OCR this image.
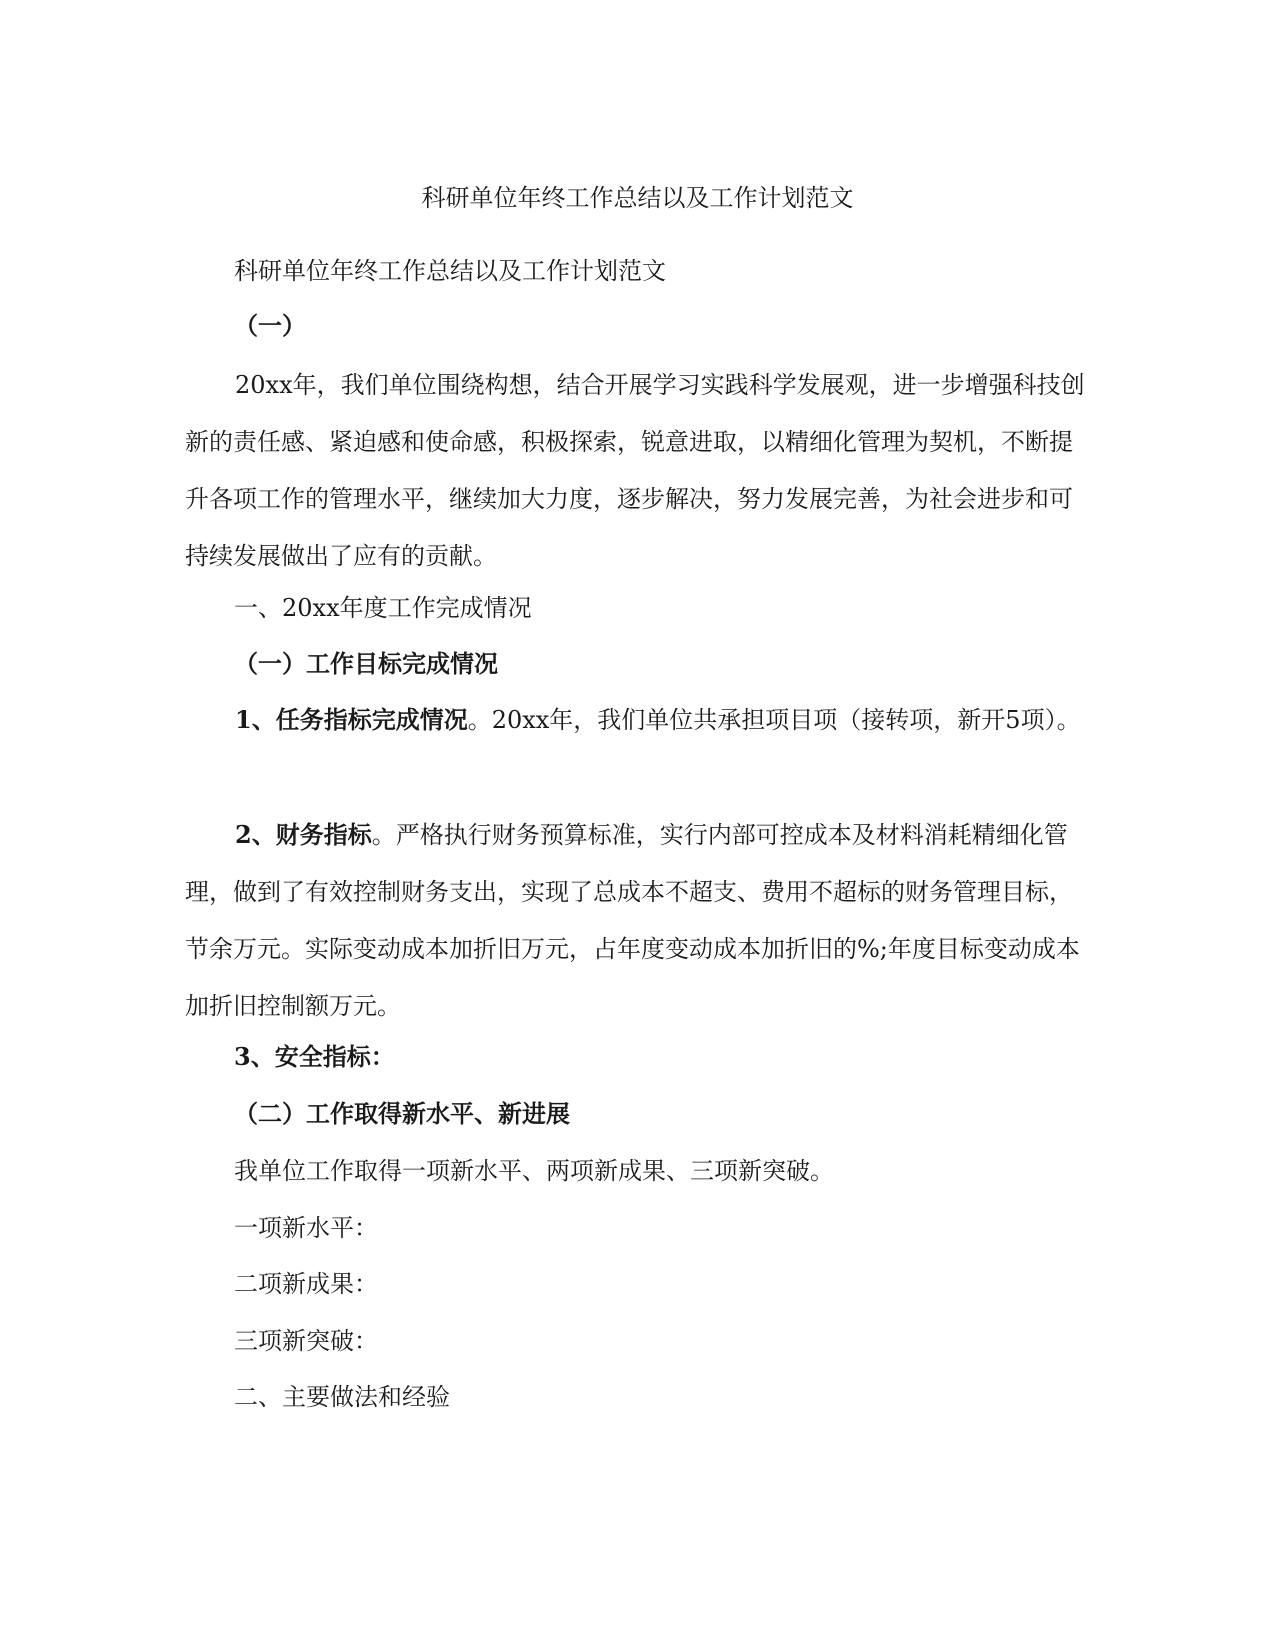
科研单位年终工作总结以及工作计划范文
科研单位年终工作总结以及工作计划范文
（一）

20xx年，我们单位围绕构想，结合开展学习实践科学发展观，进一步增强科技创新的责任感、紧迫感和使命感，积极探索，锐意进取，以精细化管理为契机，不断提升各项工作的管理水平，继续加大力度，逐步解决，努力发展完善，为社会进步和可持续发展做出了应有的贡献。

一、20xx年度工作完成情况
（一）工作目标完成情况

1、任务指标完成情况。20xx年，我们单位共承担项目项（接转项，新开5项）。

2、财务指标。严格执行财务预算标准，实行内部可控成本及材料消耗精细化管理，做到了有效控制财务支出，实现了总成本不超支、费用不超标的财务管理目标，节余万元。实际变动成本加折旧万元，占年度变动成本加折旧的%;年度目标变动成本加折旧控制额万元。

3、安全指标：
（二）工作取得新水平、新进展
我单位工作取得一项新水平、两项新成果、三项新突破。
一项新水平：
二项新成果：
三项新突破：
二、主要做法和经验
